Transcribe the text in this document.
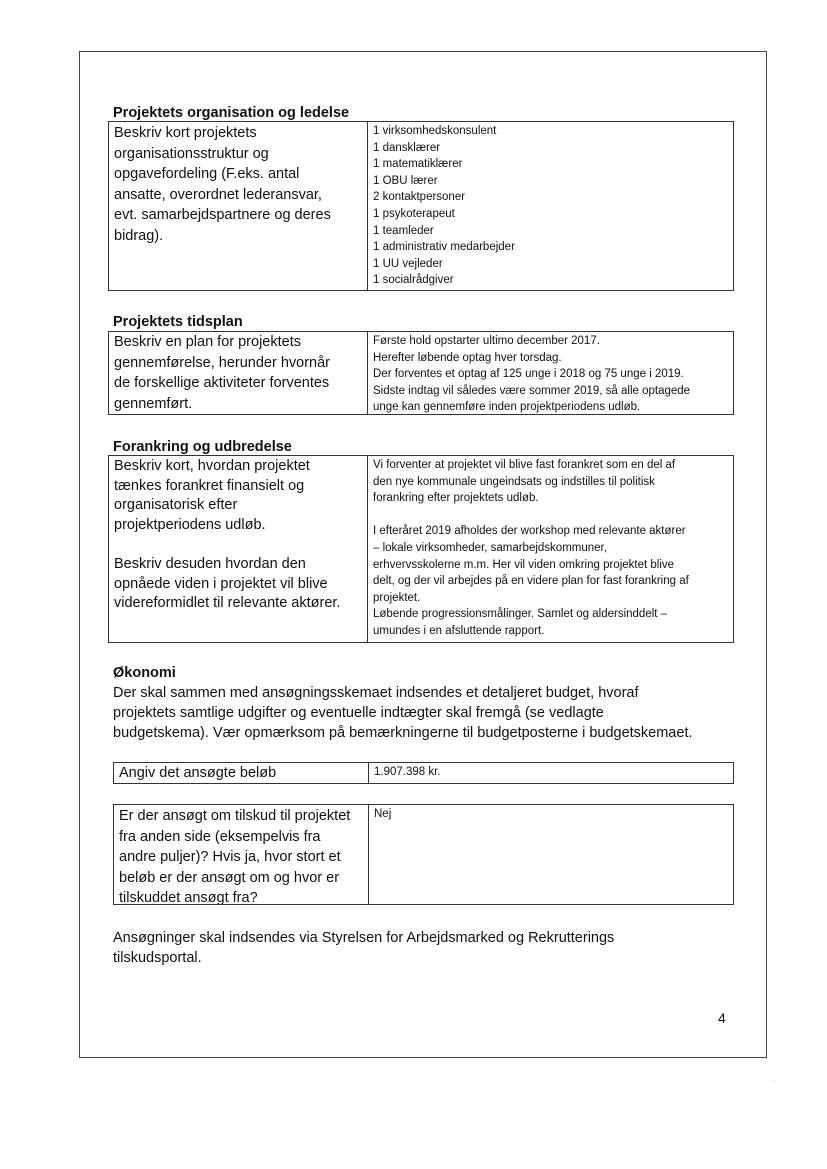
Projektets organisation og ledelse
Beskriv kort projektets
organisationsstruktur og
opgavefordeling (F.eks. antal
ansatte, overordnet lederansvar,
evt. samarbejdspartnere og deres
bidrag).
1 virksomhedskonsulent
1 dansklærer
1 matematiklærer
1 OBU lærer
2 kontaktpersoner
1 psykoterapeut
1 teamleder
1 administrativ medarbejder
1 UU vejleder
1 socialrådgiver
Projektets tidsplan
Beskriv en plan for projektets
gennemførelse, herunder hvornår
de forskellige aktiviteter forventes
gennemført.
Første hold opstarter ultimo december 2017.
Herefter løbende optag hver torsdag.
Der forventes et optag af 125 unge i 2018 og 75 unge i 2019.
Sidste indtag vil således være sommer 2019, så alle optagede
unge kan gennemføre inden projektperiodens udløb.
Forankring og udbredelse
Beskriv kort, hvordan projektet
tænkes forankret finansielt og
organisatorisk efter
projektperiodens udløb.

Beskriv desuden hvordan den
opnåede viden i projektet vil blive
videreformidlet til relevante aktører.
Vi forventer at projektet vil blive fast forankret som en del af
den nye kommunale ungeindsats og indstilles til politisk
forankring efter projektets udløb.

I efteråret 2019 afholdes der workshop med relevante aktører
– lokale virksomheder, samarbejdskommuner,
erhvervsskolerne m.m. Her vil viden omkring projektet blive
delt, og der vil arbejdes på en videre plan for fast forankring af
projektet.
Løbende progressionsmålinger. Samlet og aldersinddelt –
umundes i en afsluttende rapport.
Økonomi
Der skal sammen med ansøgningsskemaet indsendes et detaljeret budget, hvoraf
projektets samtlige udgifter og eventuelle indtægter skal fremgå (se vedlagte
budgetskema). Vær opmærksom på bemærkningerne til budgetposterne i budgetskemaet.
Angiv det ansøgte beløb	1.907.398 kr.
Er der ansøgt om tilskud til projektet
fra anden side (eksempelvis fra
andre puljer)? Hvis ja, hvor stort et
beløb er der ansøgt om og hvor er
tilskuddet ansøgt fra?
Nej
Ansøgninger skal indsendes via Styrelsen for Arbejdsmarked og Rekrutterings
tilskudsportal.
4
.
